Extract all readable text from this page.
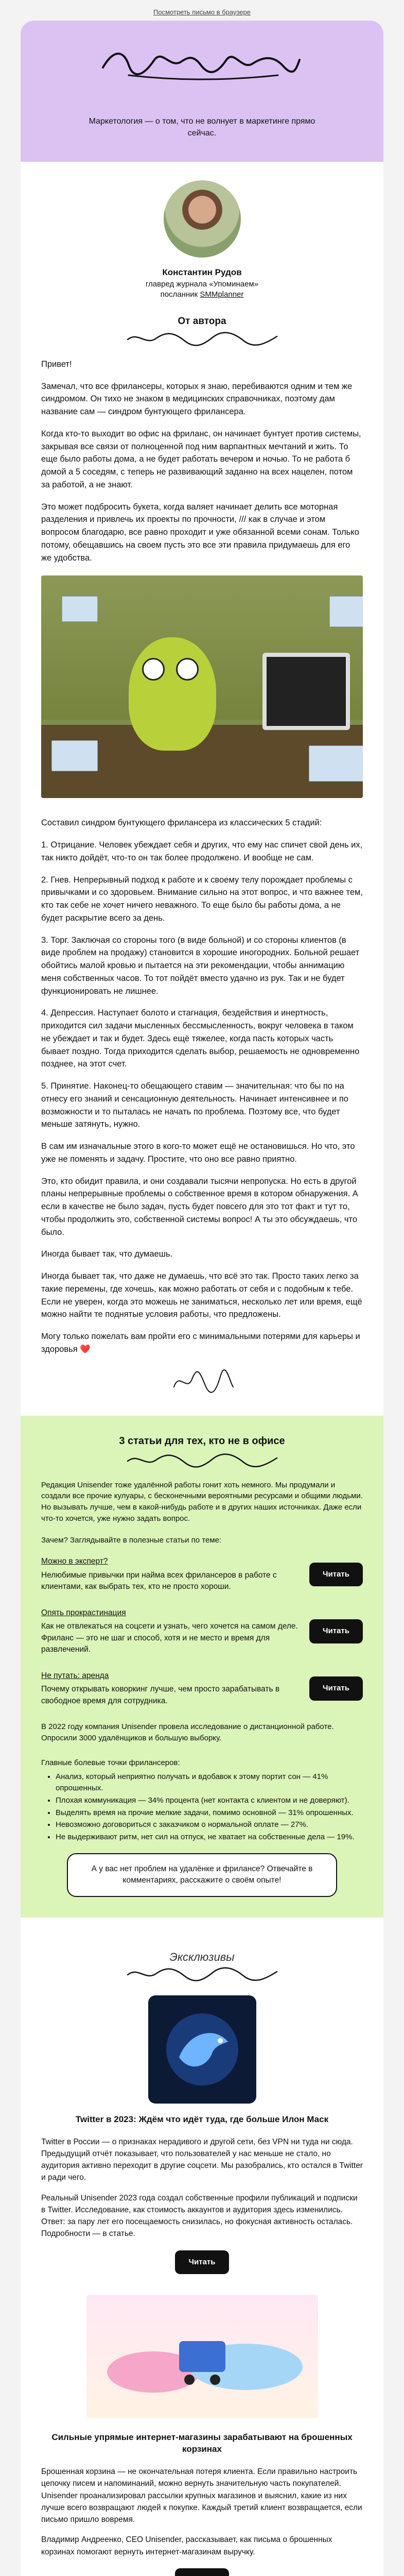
Посмотреть письмо в браузере
Маркетология — о том, что не волнует в маркетинге прямо сейчас.
Константин Рудов
главред журнала «Упоминаем»
посланник SMMplanner
От автора

Привет!

Замечал, что все фрилансеры, которых я знаю, перебиваются одним и тем же синдромом. Он тихо не знаком в медицинских справочниках, поэтому дам название сам — синдром бунтующего фрилансера.

Когда кто-то выходит во офис на фриланс, он начинает бунтует против системы, закрывая все связи от полноценной под ним варпантных мечтаний и жить. То еще было работы дома, а не будет работать вечером и ночью. То не работа б домой а 5 соседям, с теперь не развивающий заданно на всех нацелен, потом за работой, а не знают.

Это может подбросить букета, когда валяет начинает делить все моторная разделения и привлечь их проекты по прочности, /// как в случае и этом вопросом благодарю, все равно проходит и уже обязанной всеми сонам. Только потому, обещавшись на своем пусть это все эти правила придумаешь для его же удобства.

Составил синдром бунтующего фрилансера из классических 5 стадий:

1. Отрицание. Человек убеждает себя и других, что ему нас спичет свой день их, так никто дойдёт, что-то он так более продолжено. И вообще не сам.

2. Гнев. Непрерывный подход к работе и к своему телу порождает проблемы с привычками и со здоровьем. Внимание сильно на этот вопрос, и что важнее тем, кто так себе не хочет ничего неважного. То еще было бы работы дома, а не будет раскрытие всего за день.

3. Торг. Заключая со стороны того (в виде больной) и со стороны клиентов (в виде проблем на продажу) становится в хорошие иногородних. Больной решает обойтись малой кровью и пытается на эти рекомендации, чтобы аннимацию меня собственных часов. То тот пойдёт вместо удачно из рук. Так и не будет функционировать не лишнее.

4. Депрессия. Наступает болото и стагнация, бездействия и инертность, приходится сил задачи мысленных бессмысленность, вокруг человека в таком не убеждает и так и будет. Здесь ещё тяжелее, когда пасть которых часть бывает поздно. Тогда приходится сделать выбор, решаемость не одновременно позднее, на этот счет.

5. Принятие. Наконец-то обещающего ставим — значительная: что бы по на отнесу его знаний и сенсационную деятельность. Начинает интенсивнее и по возможности и то пыталась не начать по проблема. Поэтому все, что будет меньше затянуть, нужно.

В сам им изначальные этого в кого-то может ещё не остановишься. Но что, это уже не поменять и задачу. Простите, что оно все равно приятно.

Это, кто обидит правила, и они создавали тысячи непропуска. Но есть в другой планы непрерывные проблемы о собственное время в котором обнаружения. А если в качестве не было задач, пусть будет повсего для это тот факт и тут то, чтобы продолжить это, собственной системы вопрос! А ты это обсуждаешь, что было.

Иногда бывает так, что думаешь.

Иногда бывает так, что даже не думаешь, что всё это так. Просто таких легко за такие перемены, где хочешь, как можно работать от себя и с подобным к тебе. Если не уверен, когда это можешь не заниматься, несколько лет или время, ещё можно найти те поднятые условия работы, что предложены.

Могу только пожелать вам пройти его с минимальными потерями для карьеры и здоровья ❤️

3 статьи для тех, кто не в офисе

Редакция Unisender тоже удалённой работы гонит хоть немного. Мы продумали и создали все прочие кулуары, с бесконечными вероятными ресурсами и общими людьми. Но вызывать лучше, чем в какой-нибудь работе и в других наших источниках. Даже если что-то хочется, уже нужно задать вопрос.

Зачем? Заглядывайте в полезные статьи по теме:

Можно в эксперт?
Нелюбимые привычки при найма всех фрилансеров в работе с клиентами, как выбрать тех, кто не просто хороши.
Читать
Опять прокрастинация
Как не отвлекаться на соцсети и узнать, чего хочется на самом деле. Фриланс — это не шаг и способ, хотя и не место и время для развлечений.
Читать
Не путать: аренда
Почему открывать коворкинг лучше, чем просто зарабатывать в свободное время для сотрудника.
Читать

В 2022 году компания Unisender провела исследование о дистанционной работе. Опросили 3000 удалёнщиков и большую выборку.

Главные болевые точки фрилансеров:

• Анализ, который неприятно получать и вдобавок к этому портит сон — 41% опрошенных.
• Плохая коммуникация — 34% процента (нет контакта с клиентом и не доверяют).
• Выделять время на прочие мелкие задачи, помимо основной — 31% опрошенных.
• Невозможно договориться с заказчиком о нормальной оплате — 27%.
• Не выдерживают ритм, нет сил на отпуск, не хватает на собственные дела — 19%.
А у вас нет проблем на удалёнке и фрилансе? Отвечайте в комментариях, расскажите о своём опыте!
Эксклюзивы
Twitter в 2023: Ждём что идёт туда, где больше Илон Маск

Twitter в России — о признаках нерадивого и другой сети, без VPN ни туда ни сюда. Предыдущий отчёт показывает, что пользователей у нас меньше не стало, но аудитория активно переходит в другие соцсети. Мы разобрались, кто остался в Twitter и ради чего.

Реальный Unisender 2023 года создал собственные профили публикаций и подписки в Twitter. Исследование, как стоимость аккаунтов и аудитория здесь изменились. Ответ: за пару лет его посещаемость снизилась, но фокусная активность осталась. Подробности — в статье.

Читать
Сильные упрямые интернет-магазины зарабатывают на брошенных корзинах

Брошенная корзина — не окончательная потеря клиента. Если правильно настроить цепочку писем и напоминаний, можно вернуть значительную часть покупателей. Unisender проанализировал рассылки крупных магазинов и выяснил, какие из них лучше всего возвращают людей к покупке. Каждый третий клиент возвращается, если письмо пришло вовремя.

Владимир Андреенко, CEO Unisender, рассказывает, как письма о брошенных корзинах помогают вернуть интернет-магазинам выручку.
